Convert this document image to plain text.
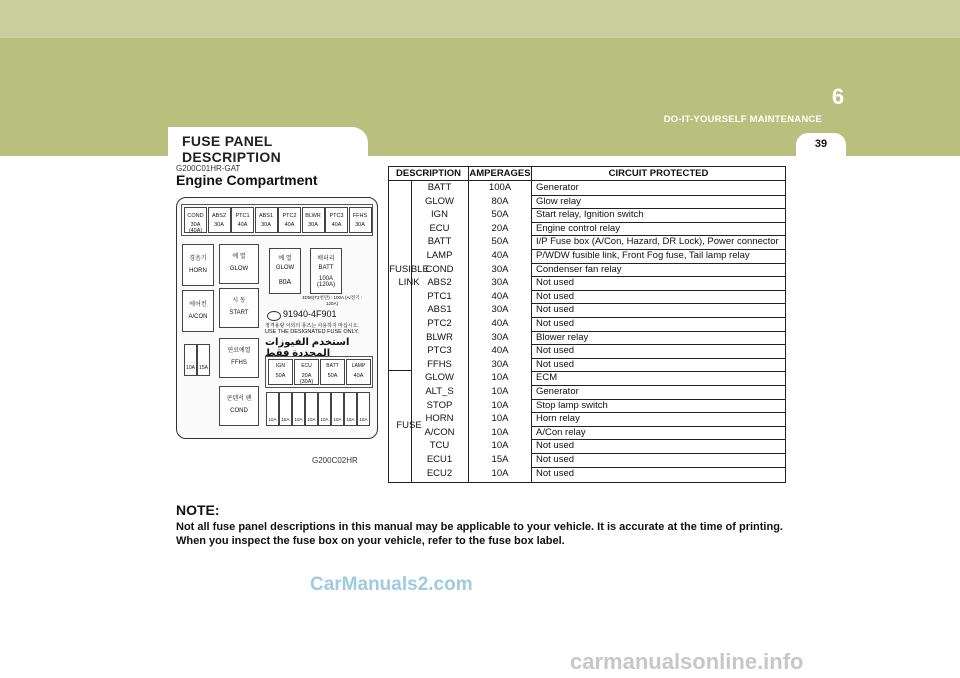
6
DO-IT-YOURSELF MAINTENANCE
39
FUSE PANEL DESCRIPTION
G200C01HR-GAT
Engine Compartment
COND
30A (40A)
ABS2
30A
PTC1
40A
ABS1
30A
PTC2
40A
BLWR
30A
PTC3
40A
FFHS
30A
경음기
HORN
에어컨
A/CON
10A 15A
예 열
GLOW
시 동
START
연료예열
FFHS
콘덴서 팬
COND
예 열
GLOW
80A
배터리
BATT
100A (120A)
4D56(T2천만) : 100A (A/전기 : 120A)
91940-4F901
정격용량 이외의 퓨즈는 사용하지 마십시오.
USE THE DESIGNATED FUSE ONLY.
استخدم الفيوزات المحددة فقط
IGN
50A
ECU
20A (30A)
BATT
50A
LAMP
40A
10A	15A	10A	10A	10A	10A	15A	10A
G200C02HR
DESCRIPTION AMPERAGES	CIRCUIT PROTECTED
FUSIBLE
LINK
FUSE
BATT	100A	Generator
GLOW	80A	Glow relay
IGN	50A	Start relay, Ignition switch
ECU	20A	Engine control relay
BATT	50A	I/P Fuse box (A/Con, Hazard, DR Lock), Power connector
LAMP	40A	P/WDW fusible link, Front Fog fuse, Tail lamp relay
COND	30A	Condenser fan relay
ABS2	30A	Not used
PTC1	40A	Not used
ABS1	30A	Not used
PTC2	40A	Not used
BLWR	30A	Blower relay
PTC3	40A	Not used
FFHS	30A	Not used
GLOW	10A	ECM
ALT_S	10A	Generator
STOP	10A	Stop lamp switch
HORN	10A	Horn relay
A/CON	10A	A/Con relay
TCU	10A	Not used
ECU1	15A	Not used
ECU2	10A	Not used
NOTE:
Not all fuse panel descriptions in this manual may be applicable to your vehicle. It is accurate at the time of printing.
When you inspect the fuse box on your vehicle, refer to the fuse box label.
CarManuals2.com
carmanualsonline.info
